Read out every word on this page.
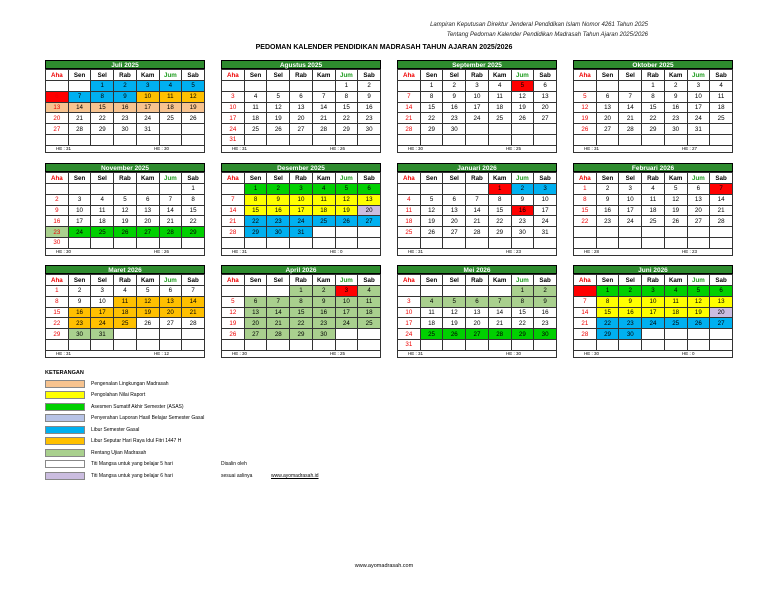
Lampiran Keputusan Direktur Jenderal Pendidikan Islam Nomor 4261 Tahun 2025
Tentang Pedoman Kalender Pendidikan Madrasah Tahun Ajaran 2025/2026
PEDOMAN KALENDER PENDIDIKAN MADRASAH TAHUN AJARAN 2025/2026
Juli 2025
Aha	Sen	Sel	Rab	Kam	Jum	Sab
		1	2	3	4	5
6	7	8	9	10	11	12
13	14	15	16	17	18	19
20	21	22	23	24	25	26
27	28	29	30	31		

HE : 31	HE : 30
Agustus 2025
Aha	Sen	Sel	Rab	Kam	Jum	Sab
					1	2
3	4	5	6	7	8	9
10	11	12	13	14	15	16
17	18	19	20	21	22	23
24	25	26	27	28	29	30
31						
HE : 31	HE : 26
September 2025
Aha	Sen	Sel	Rab	Kam	Jum	Sab
	1	2	3	4	5	6
7	8	9	10	11	12	13
14	15	16	17	18	19	20
21	22	23	24	25	26	27
28	29	30				

HE : 30	HE : 25
Oktober 2025
Aha	Sen	Sel	Rab	Kam	Jum	Sab
			1	2	3	4
5	6	7	8	9	10	11
12	13	14	15	16	17	18
19	20	21	22	23	24	25
26	27	28	29	30	31	

HE : 31	HE : 27
November 2025
Aha	Sen	Sel	Rab	Kam	Jum	Sab
						1
2	3	4	5	6	7	8
9	10	11	12	13	14	15
16	17	18	19	20	21	22
23	24	25	26	27	28	29
30						
HE : 30	HE : 26
Desember 2025
Aha	Sen	Sel	Rab	Kam	Jum	Sab
	1	2	3	4	5	6
7	8	9	10	11	12	13
14	15	16	17	18	19	20
21	22	23	24	25	26	27
28	29	30	31			

HE : 31	HE : 0
Januari 2026
Aha	Sen	Sel	Rab	Kam	Jum	Sab
				1	2	3
4	5	6	7	8	9	10
11	12	13	14	15	16	17
18	19	20	21	22	23	24
25	26	27	28	29	30	31

HE : 31	HE : 23
Februari 2026
Aha	Sen	Sel	Rab	Kam	Jum	Sab
1	2	3	4	5	6	7
8	9	10	11	12	13	14
15	16	17	18	19	20	21
22	23	24	25	26	27	28

HE : 28	HE : 23
Maret 2026
Aha	Sen	Sel	Rab	Kam	Jum	Sab
1	2	3	4	5	6	7
8	9	10	11	12	13	14
15	16	17	18	19	20	21
22	23	24	25	26	27	28
29	30	31				

HE : 31	HE : 12
April 2026
Aha	Sen	Sel	Rab	Kam	Jum	Sab
			1	2	3	4
5	6	7	8	9	10	11
12	13	14	15	16	17	18
19	20	21	22	23	24	25
26	27	28	29	30		

HE : 30	HE : 25
Mei 2026
Aha	Sen	Sel	Rab	Kam	Jum	Sab
					1	2
3	4	5	6	7	8	9
10	11	12	13	14	15	16
17	18	19	20	21	22	23
24	25	26	27	28	29	30
31						
HE : 31	HE : 30
Juni 2026
Aha	Sen	Sel	Rab	Kam	Jum	Sab
	1	2	3	4	5	6
7	8	9	10	11	12	13
14	15	16	17	18	19	20
21	22	23	24	25	26	27
28	29	30				

HE : 30	HE : 0
KETERANGAN
Pengenalan Lingkungan Madrasah
Pengolahan Nilai Raport
Asesmen Sumatif Akhir Semester (ASAS)
Penyerahan Laporan Hasil Belajar Semester Gasal
Libur Semester Gasal
Libur Seputar Hari Raya Idul Fitri 1447 H
Rentang Ujian Madrasah
Titi Mangsa untuk yang belajar 5 hari	Disalin oleh
Titi Mangsa untuk yang belajar 6 hari	sesuai aslinya	www.ayomadrasah.id
www.ayomadrasah.com
